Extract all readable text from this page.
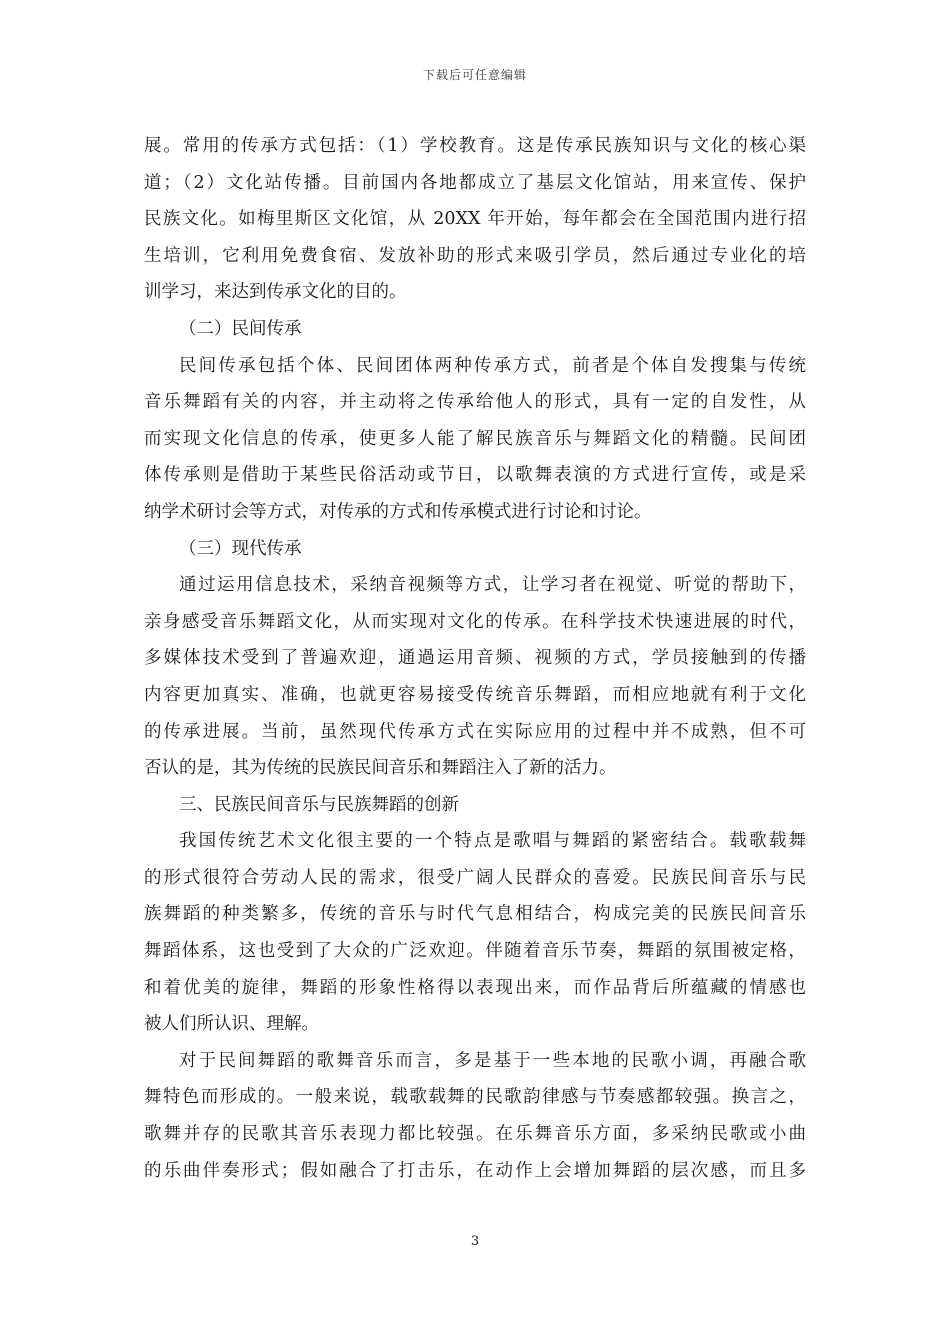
下载后可任意编辑
展。常用的传承方式包括：（1）学校教育。这是传承民族知识与文化的核心渠
道；（2）文化站传播。目前国内各地都成立了基层文化馆站，用来宣传、保护
民族文化。如梅里斯区文化馆，从 20XX 年开始，每年都会在全国范围内进行招
生培训，它利用免费食宿、发放补助的形式来吸引学员，然后通过专业化的培
训学习，来达到传承文化的目的。
（二）民间传承
民间传承包括个体、民间团体两种传承方式，前者是个体自发搜集与传统
音乐舞蹈有关的内容，并主动将之传承给他人的形式，具有一定的自发性，从
而实现文化信息的传承，使更多人能了解民族音乐与舞蹈文化的精髓。民间团
体传承则是借助于某些民俗活动或节日，以歌舞表演的方式进行宣传，或是采
纳学术研讨会等方式，对传承的方式和传承模式进行讨论和讨论。
（三）现代传承
通过运用信息技术，采纳音视频等方式，让学习者在视觉、听觉的帮助下，
亲身感受音乐舞蹈文化，从而实现对文化的传承。在科学技术快速进展的时代，
多媒体技术受到了普遍欢迎，通過运用音频、视频的方式，学员接触到的传播
内容更加真实、准确，也就更容易接受传统音乐舞蹈，而相应地就有利于文化
的传承进展。当前，虽然现代传承方式在实际应用的过程中并不成熟，但不可
否认的是，其为传统的民族民间音乐和舞蹈注入了新的活力。
三、民族民间音乐与民族舞蹈的创新
我国传统艺术文化很主要的一个特点是歌唱与舞蹈的紧密结合。载歌载舞
的形式很符合劳动人民的需求，很受广阔人民群众的喜爱。民族民间音乐与民
族舞蹈的种类繁多，传统的音乐与时代气息相结合，构成完美的民族民间音乐
舞蹈体系，这也受到了大众的广泛欢迎。伴随着音乐节奏，舞蹈的氛围被定格，
和着优美的旋律，舞蹈的形象性格得以表现出来，而作品背后所蕴藏的情感也
被人们所认识、理解。
对于民间舞蹈的歌舞音乐而言，多是基于一些本地的民歌小调，再融合歌
舞特色而形成的。一般来说，载歌载舞的民歌韵律感与节奏感都较强。换言之，
歌舞并存的民歌其音乐表现力都比较强。在乐舞音乐方面，多采纳民歌或小曲
的乐曲伴奏形式；假如融合了打击乐，在动作上会增加舞蹈的层次感，而且多
3
